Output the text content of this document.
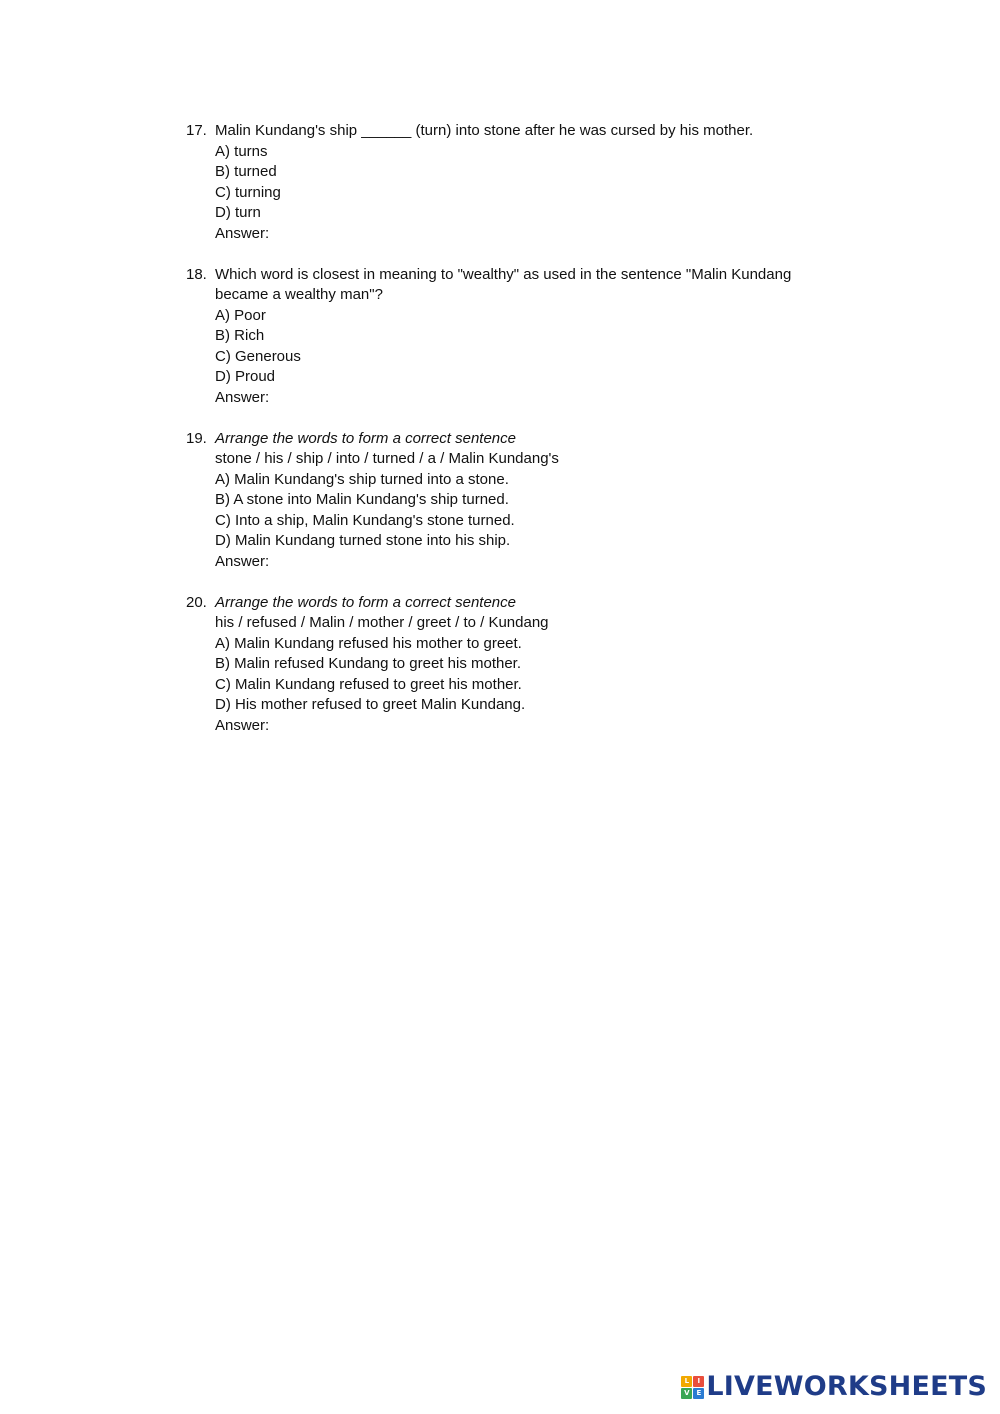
17. Malin Kundang's ship ______ (turn) into stone after he was cursed by his mother.
A) turns
B) turned
C) turning
D) turn
Answer:
18. Which word is closest in meaning to "wealthy" as used in the sentence "Malin Kundang
became a wealthy man"?
A) Poor
B) Rich
C) Generous
D) Proud
Answer:
19. Arrange the words to form a correct sentence
stone / his / ship / into / turned / a / Malin Kundang's
A) Malin Kundang's ship turned into a stone.
B) A stone into Malin Kundang's ship turned.
C) Into a ship, Malin Kundang's stone turned.
D) Malin Kundang turned stone into his ship.
Answer:
20. Arrange the words to form a correct sentence
his / refused / Malin / mother / greet / to / Kundang
A) Malin Kundang refused his mother to greet.
B) Malin refused Kundang to greet his mother.
C) Malin Kundang refused to greet his mother.
D) His mother refused to greet Malin Kundang.
Answer:
L	I
V E LIVEWORKSHEETS
